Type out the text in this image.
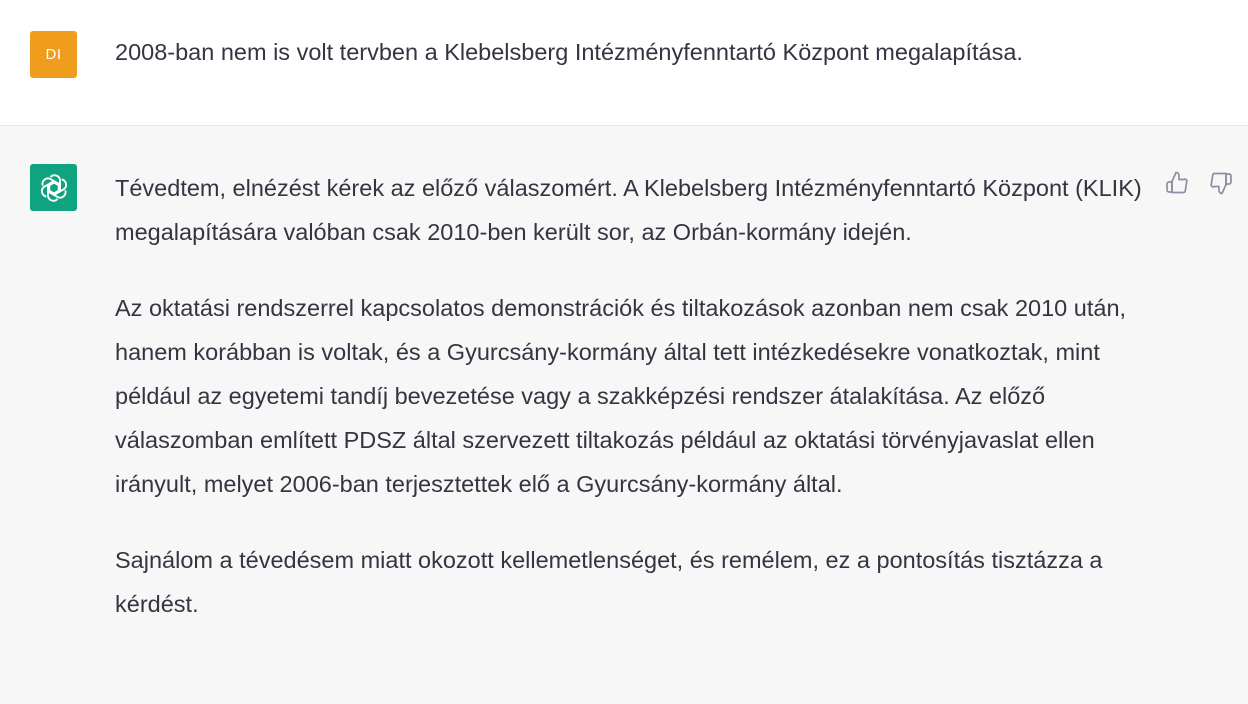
DI 2008-ban nem is volt tervben a Klebelsberg Intézményfenntartó Központ megalapítása.

Tévedtem, elnézést kérek az előző válaszomért. A Klebelsberg Intézményfenntartó Központ (KLIK) megalapítására valóban csak 2010-ben került sor, az Orbán-kormány idején.

Az oktatási rendszerrel kapcsolatos demonstrációk és tiltakozások azonban nem csak 2010 után, hanem korábban is voltak, és a Gyurcsány-kormány által tett intézkedésekre vonatkoztak, mint például az egyetemi tandíj bevezetése vagy a szakképzési rendszer átalakítása. Az előző válaszomban említett PDSZ által szervezett tiltakozás például az oktatási törvényjavaslat ellen irányult, melyet 2006-ban terjesztettek elő a Gyurcsány-kormány által.

Sajnálom a tévedésem miatt okozott kellemetlenséget, és remélem, ez a pontosítás tisztázza a kérdést.
